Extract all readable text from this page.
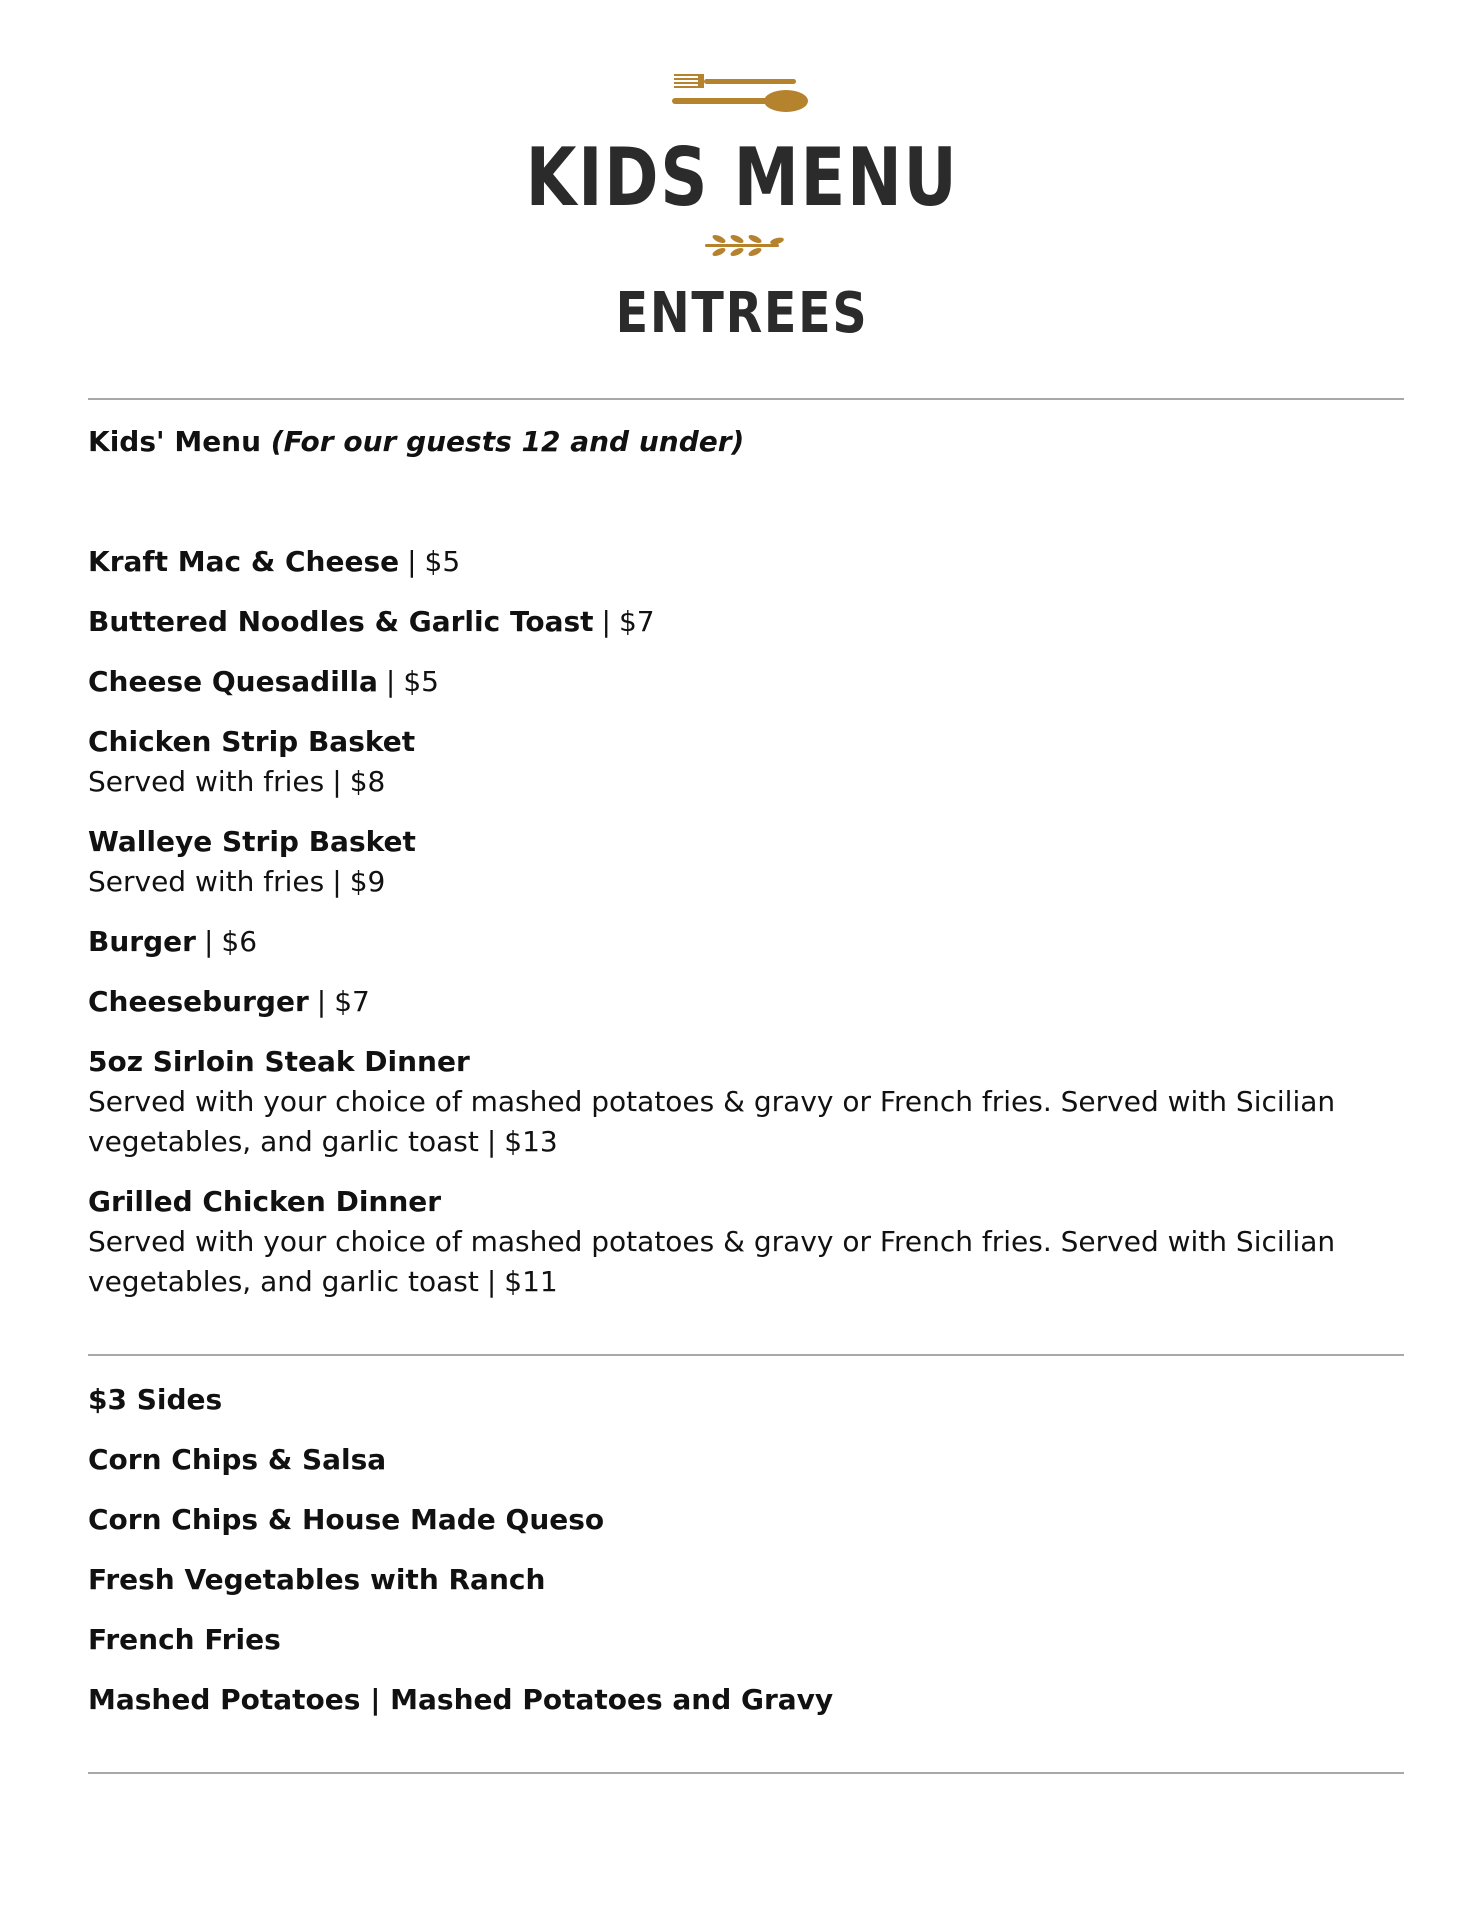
KIDS MENU
ENTREES
Kids' Menu (For our guests 12 and under)
Kraft Mac & Cheese | $5
Buttered Noodles & Garlic Toast | $7
Cheese Quesadilla | $5
Chicken Strip Basket
Served with fries | $8
Walleye Strip Basket
Served with fries | $9
Burger | $6
Cheeseburger | $7
5oz Sirloin Steak Dinner
Served with your choice of mashed potatoes & gravy or French fries. Served with Sicilian vegetables, and garlic toast | $13
Grilled Chicken Dinner
Served with your choice of mashed potatoes & gravy or French fries. Served with Sicilian vegetables, and garlic toast | $11
$3 Sides
Corn Chips & Salsa
Corn Chips & House Made Queso
Fresh Vegetables with Ranch
French Fries
Mashed Potatoes | Mashed Potatoes and Gravy
